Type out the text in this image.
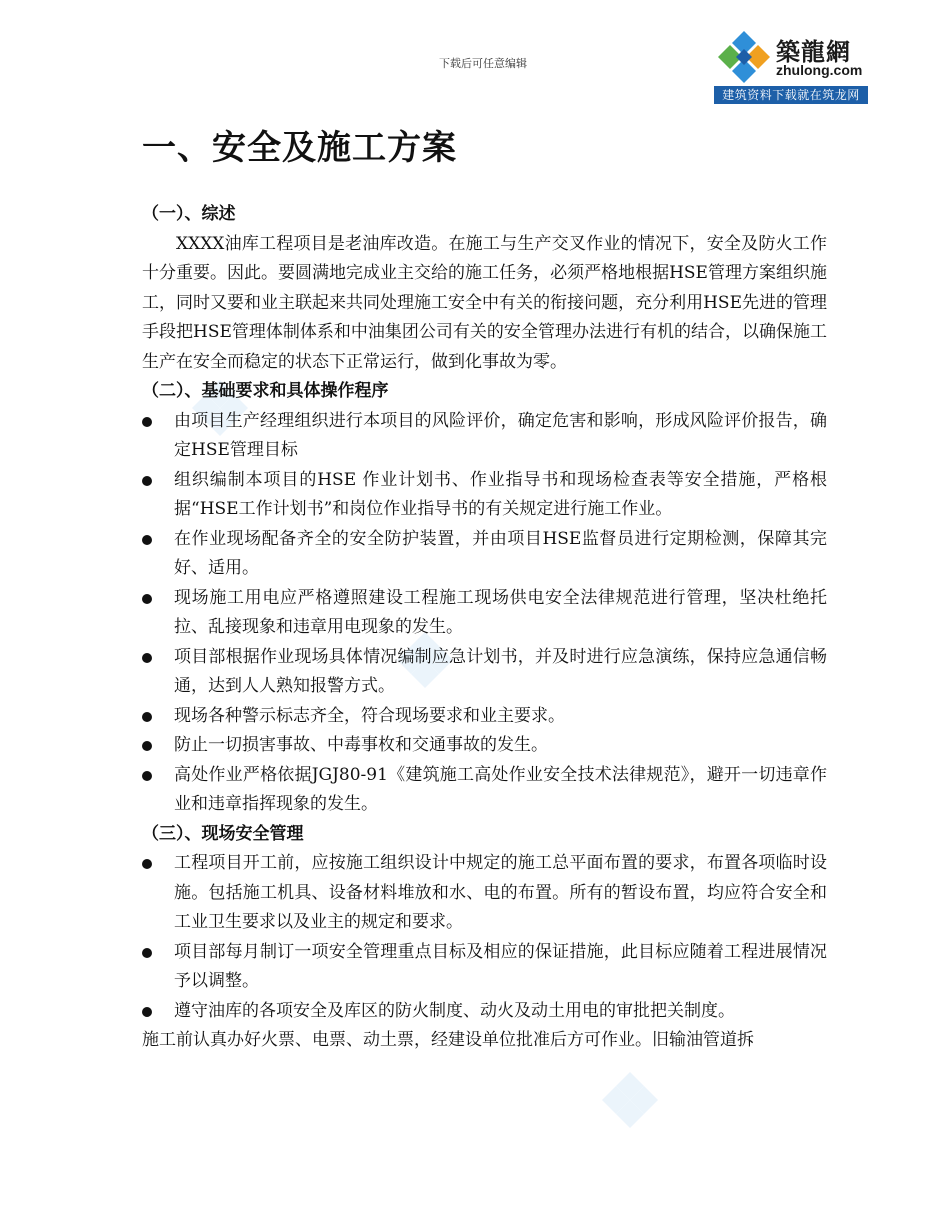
下载后可任意编辑	築龍網
zhulong.com
建筑资料下载就在筑龙网
一、安全及施工方案
（一）、综述

XXXX油库工程项目是老油库改造。在施工与生产交叉作业的情况下，安全及防火工作十分重要。因此。要圆满地完成业主交给的施工任务，必须严格地根据HSE管理方案组织施工，同时又要和业主联起来共同处理施工安全中有关的衔接问题，充分利用HSE先进的管理手段把HSE管理体制体系和中油集团公司有关的安全管理办法进行有机的结合，以确保施工生产在安全而稳定的状态下正常运行，做到化事故为零。

（二）、基础要求和具体操作程序
由项目生产经理组织进行本项目的风险评价，确定危害和影响，形成风险评价报告，确定HSE管理目标
组织编制本项目的HSE 作业计划书、作业指导书和现场检查表等安全措施，严格根据“HSE工作计划书”和岗位作业指导书的有关规定进行施工作业。
在作业现场配备齐全的安全防护装置，并由项目HSE监督员进行定期检测，保障其完好、适用。
现场施工用电应严格遵照建设工程施工现场供电安全法律规范进行管理，坚决杜绝托拉、乱接现象和违章用电现象的发生。
项目部根据作业现场具体情况编制应急计划书，并及时进行应急演练，保持应急通信畅通，达到人人熟知报警方式。
现场各种警示标志齐全，符合现场要求和业主要求。
防止一切损害事故、中毒事枚和交通事故的发生。
高处作业严格依据JGJ80-91《建筑施工高处作业安全技术法律规范》，避开一切违章作业和违章指挥现象的发生。
（三）、现场安全管理
工程项目开工前，应按施工组织设计中规定的施工总平面布置的要求，布置各项临时设施。包括施工机具、设备材料堆放和水、电的布置。所有的暂设布置，均应符合安全和工业卫生要求以及业主的规定和要求。
项目部每月制订一项安全管理重点目标及相应的保证措施，此目标应随着工程进展情况予以调整。
遵守油库的各项安全及库区的防火制度、动火及动土用电的审批把关制度。

施工前认真办好火票、电票、动土票，经建设单位批准后方可作业。旧输油管道拆
